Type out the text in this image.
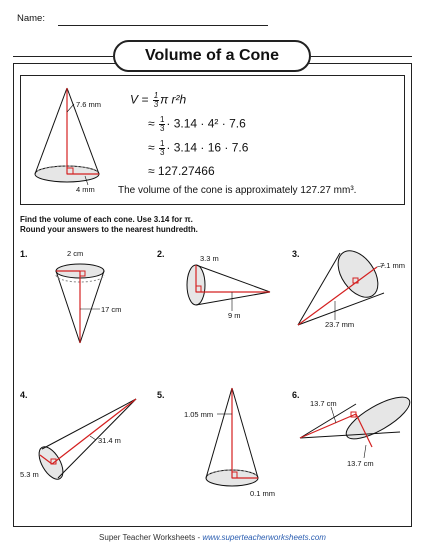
Name:
Volume of a Cone
7.6 mm
4 mm
$V = \frac{1}{3}$ π r²h
≈ $\frac{1}{3} \cdot 3.14 \cdot 4^2 \cdot 7.6$
≈ $\frac{1}{3} \cdot 3.14 \cdot 16 \cdot 7.6$
≈ 127.27466
The volume of the cone is approximately 127.27 mm³.
Find the volume of each cone. Use 3.14 for π.
Round your answers to the nearest hundredth.
1.	2.	3.
4.	5.	6.
2 cm
17 cm
3.3 m
9 m
7.1 mm
23.7 mm
5.3 m
31.4 m
0.1 mm
1.05 mm
13.7 cm
13.7 cm
Super Teacher Worksheets - www.superteacherworksheets.com
